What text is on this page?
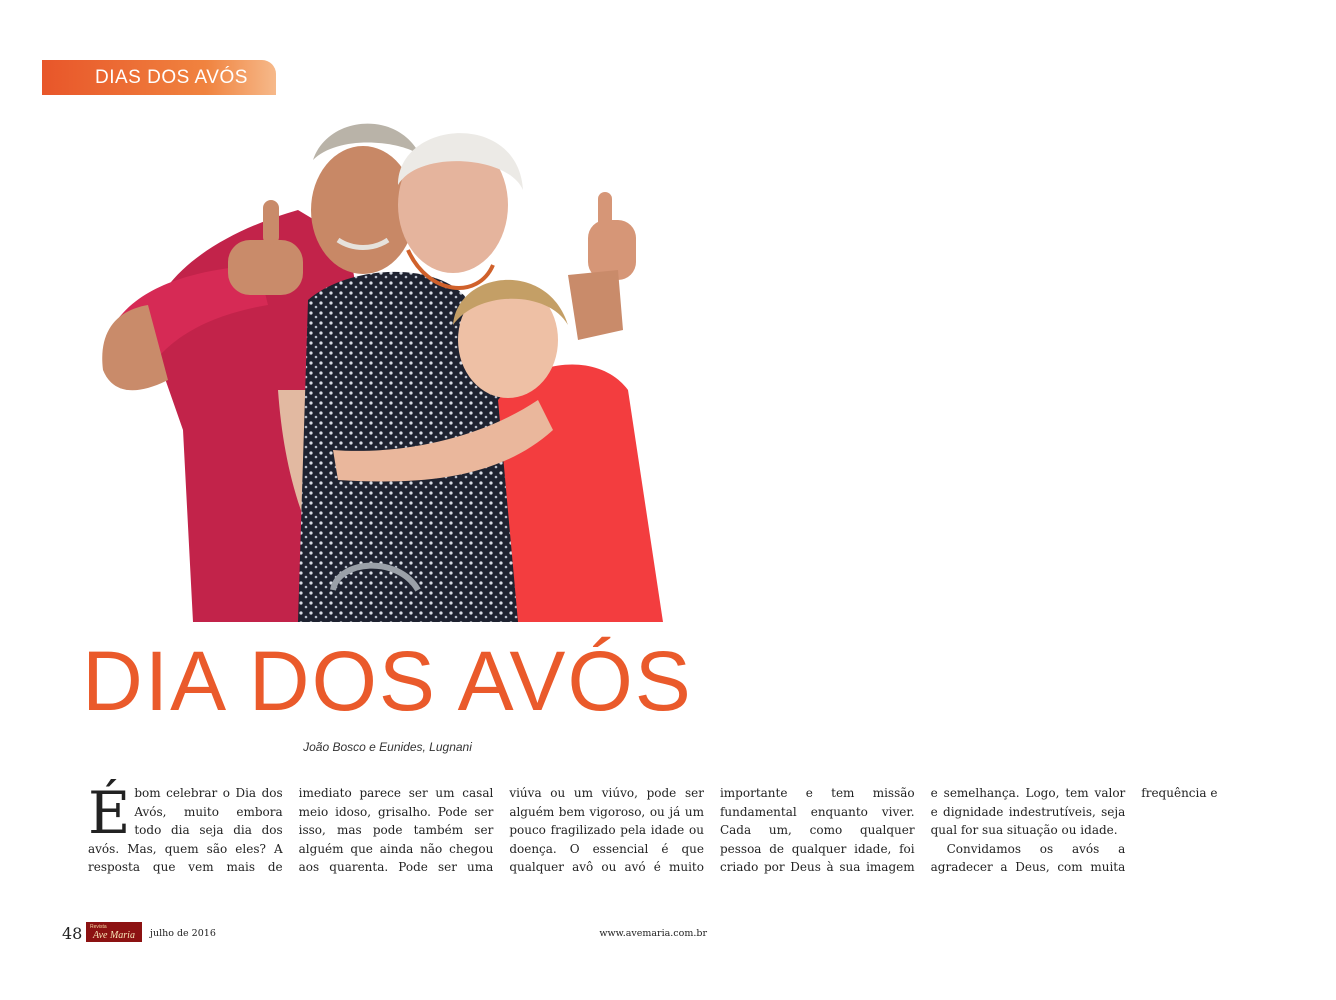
DIAS DOS AVÓS
DIA DOS AVÓS
João Bosco e Eunides, Lugnani

É bom celebrar o Dia dos Avós, muito embora todo dia seja dia dos avós. Mas, quem são eles? A resposta que vem mais de imediato parece ser um casal meio idoso, grisalho. Pode ser isso, mas pode também ser alguém que ainda não chegou aos quarenta. Pode ser uma viúva ou um viúvo, pode ser alguém bem vigoroso, ou já um pouco fragilizado pela idade ou doença. O essencial é que qualquer avô ou avó é muito importante e tem missão fundamental enquanto viver. Cada um, como qualquer pessoa de qualquer idade, foi criado por Deus à sua imagem e semelhança. Logo, tem valor e dignidade indestrutíveis, seja qual for sua situação ou idade.

Convidamos os avós a agradecer a Deus, com muita frequência e

48	Revista
Ave Maria julho de 2016	www.avemaria.com.br
